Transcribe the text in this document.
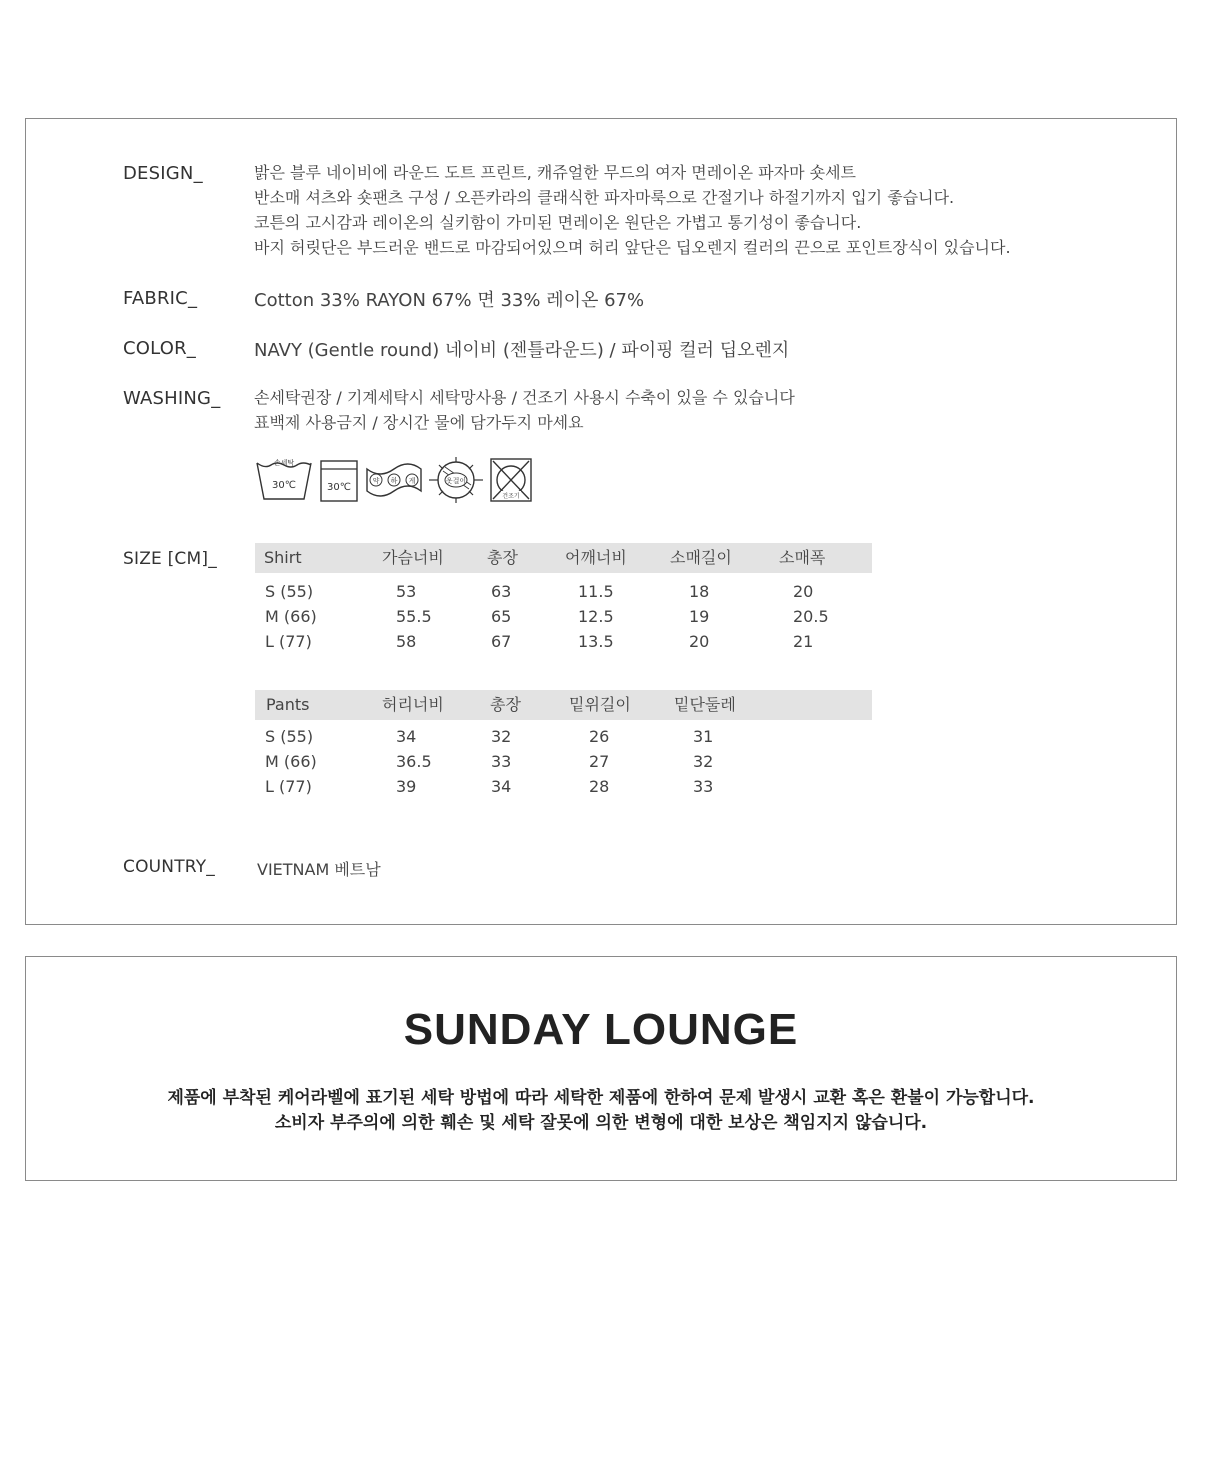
DESIGN_	밝은 블루 네이비에 라운드 도트 프린트, 캐쥬얼한 무드의 여자 면레이온 파자마 숏세트
반소매 셔츠와 숏팬츠 구성 / 오픈카라의 클래식한 파자마룩으로 간절기나 하절기까지 입기 좋습니다.
코튼의 고시감과 레이온의 실키함이 가미된 면레이온 원단은 가볍고 통기성이 좋습니다.
바지 허릿단은 부드러운 밴드로 마감되어있으며 허리 앞단은 딥오렌지 컬러의 끈으로 포인트장식이 있습니다.
FABRIC_	Cotton 33% RAYON 67% 면 33% 레이온 67%
COLOR_	NAVY (Gentle round) 네이비 (젠틀라운드) / 파이핑 컬러 딥오렌지
WASHING_ 손세탁권장 / 기계세탁시 세탁망사용 / 건조기 사용시 수축이 있을 수 있습니다
표백제 사용금지 / 장시간 물에 담가두지 마세요
손세탁
30℃	30℃
약 하 게	옷걸이
건조기
SIZE [CM]_	Shirt	가슴너비	총장	어깨너비	소매길이	소매폭
S (55)	53	63	11.5	18	20
M (66)	55.5	65	12.5	19	20.5
L (77)	58	67	13.5	20	21
Pants	허리너비	총장	밑위길이	밑단둘레
S (55)	34	32	26	31
M (66)	36.5	33	27	32
L (77)	39	34	28	33
COUNTRY_	VIETNAM 베트남
SUNDAY LOUNGE
제품에 부착된 케어라벨에 표기된 세탁 방법에 따라 세탁한 제품에 한하여 문제 발생시 교환 혹은 환불이 가능합니다.
소비자 부주의에 의한 훼손 및 세탁 잘못에 의한 변형에 대한 보상은 책임지지 않습니다.
